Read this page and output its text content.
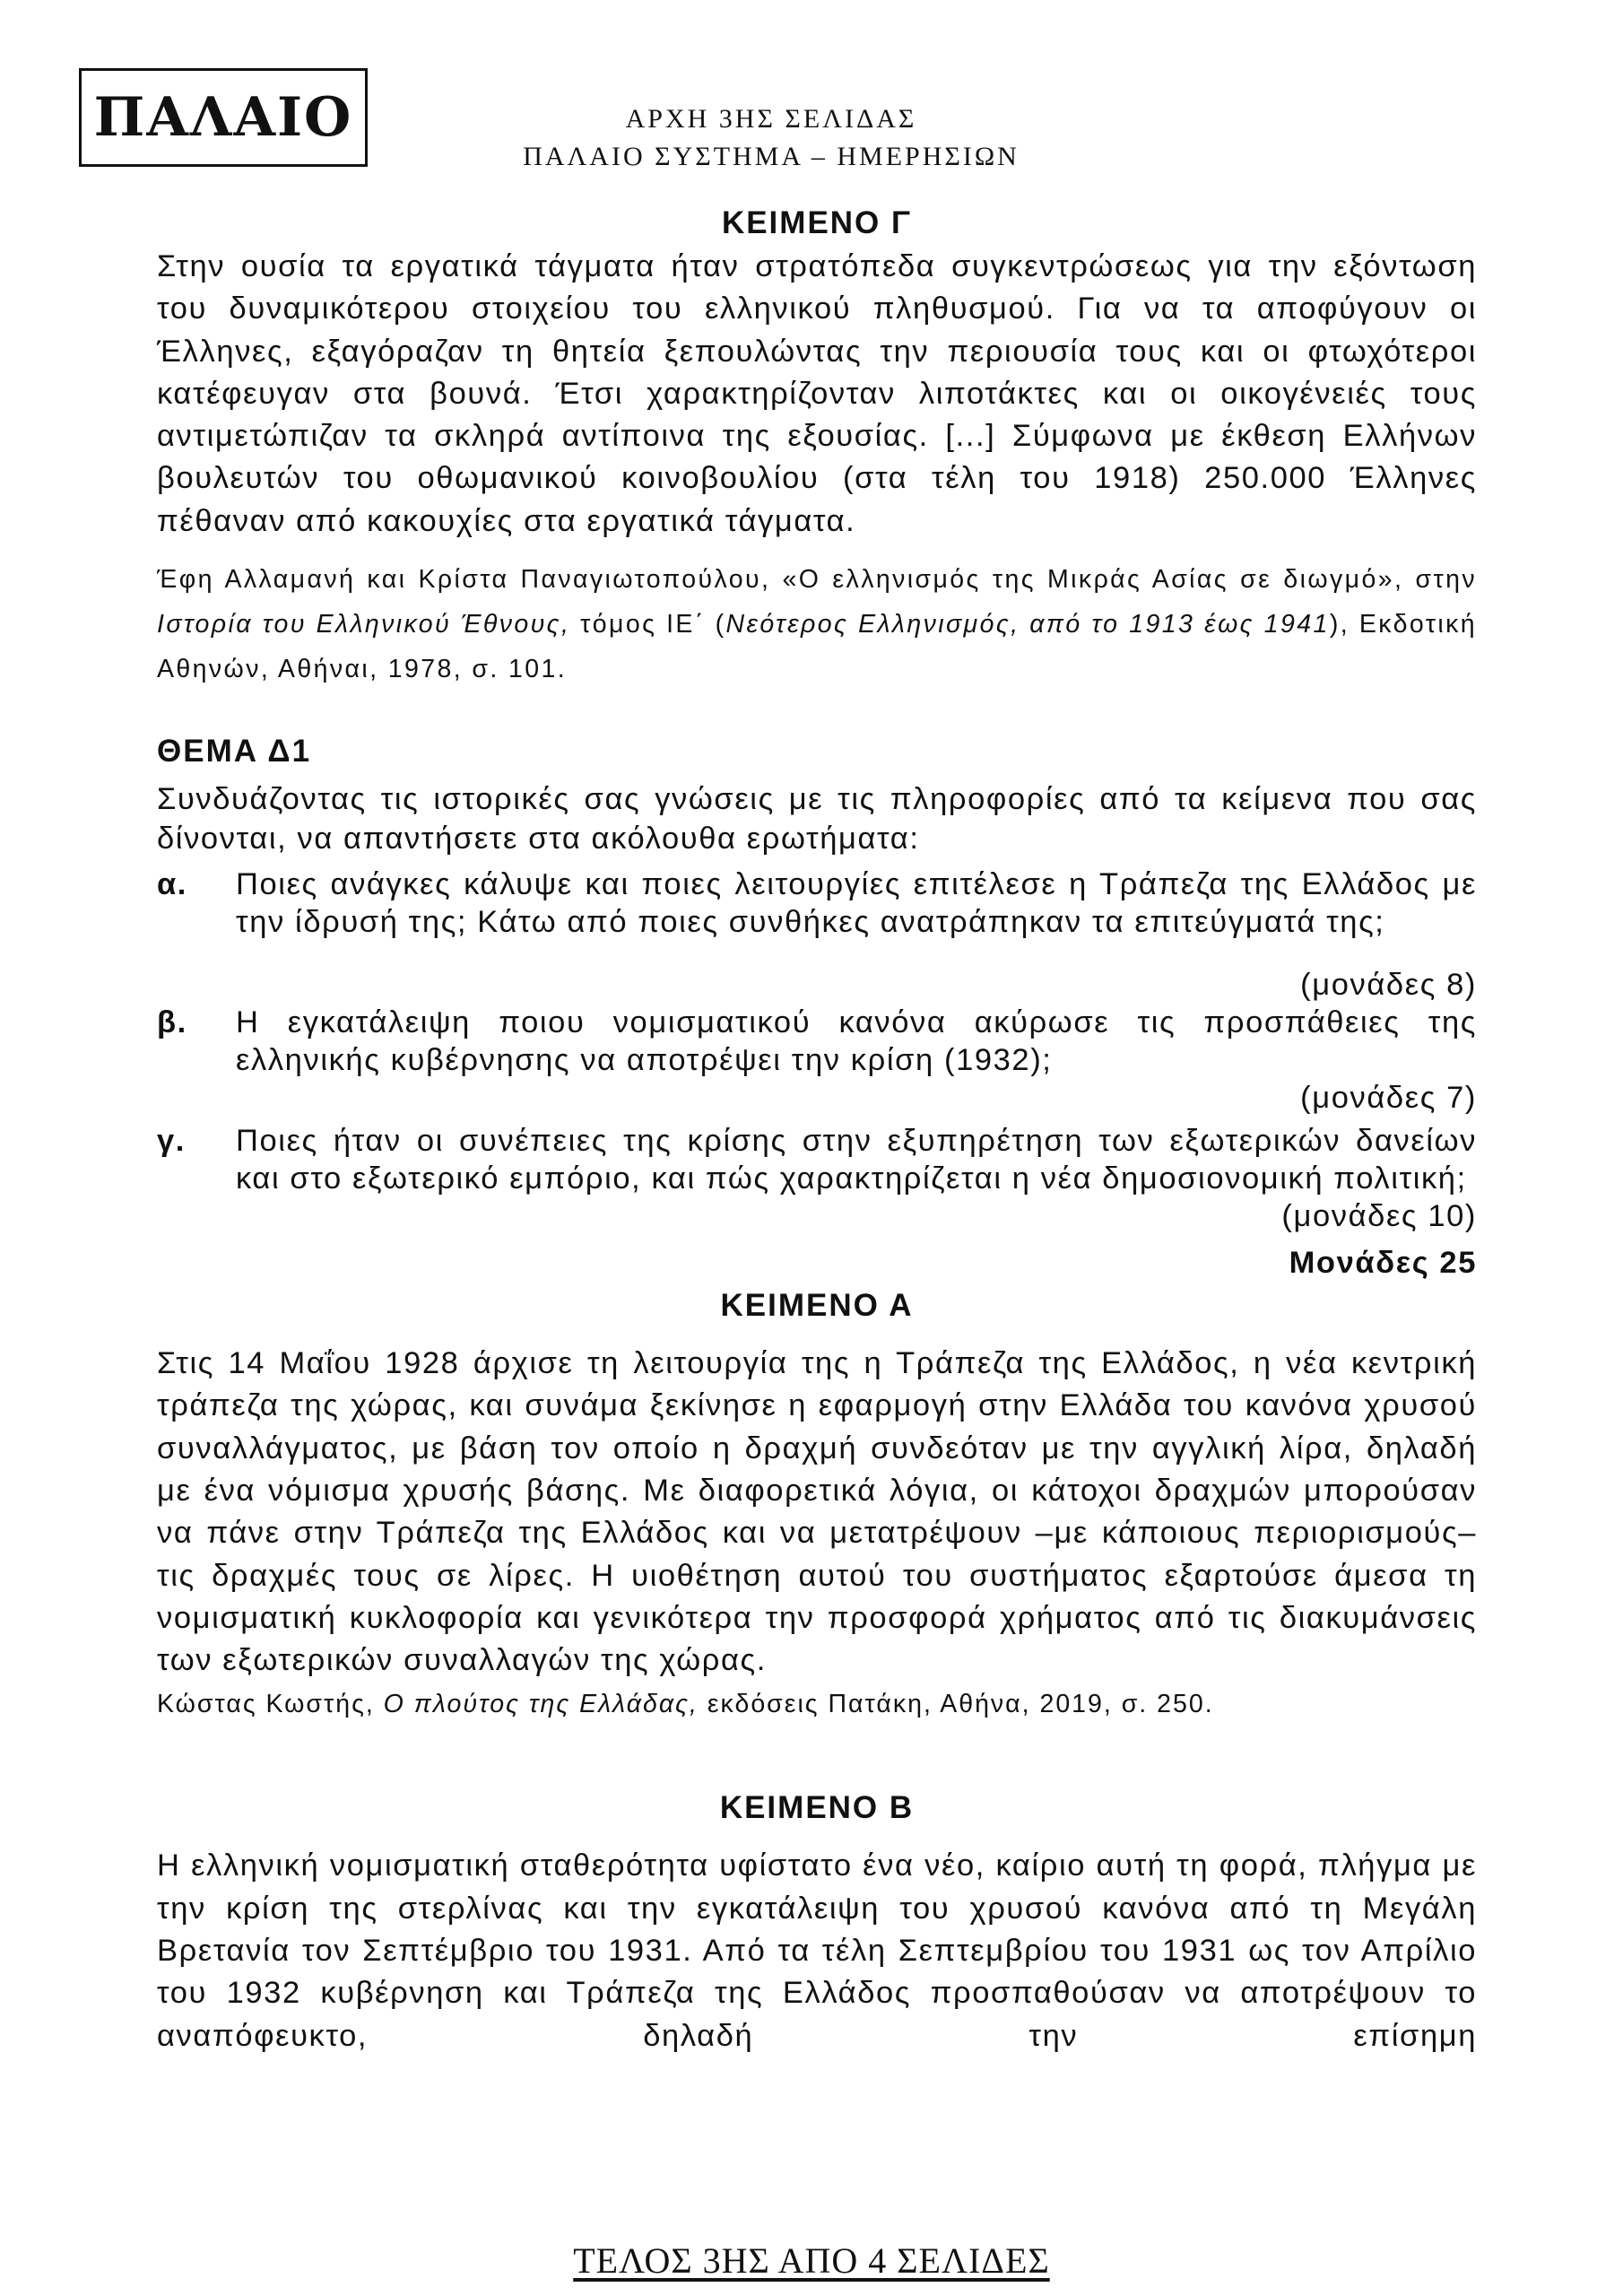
ΠΑΛΑΙΟ	ΑΡΧΗ 3ΗΣ ΣΕΛΙΔΑΣ
ΠΑΛΑΙΟ ΣΥΣΤΗΜΑ – ΗΜΕΡΗΣΙΩΝ
ΚΕΙΜΕΝΟ Γ

Στην ουσία τα εργατικά τάγματα ήταν στρατόπεδα συγκεντρώσεως για την εξόντωση του δυναμικότερου στοιχείου του ελληνικού πληθυσμού. Για να τα αποφύγουν οι Έλληνες, εξαγόραζαν τη θητεία ξεπουλώντας την περιουσία τους και οι φτωχότεροι κατέφευγαν στα βουνά. Έτσι χαρακτηρίζονταν λιποτάκτες και οι οικογένειές τους αντιμετώπιζαν τα σκληρά αντίποινα της εξουσίας. [...] Σύμφωνα με έκθεση Ελλήνων βουλευτών του οθωμανικού κοινοβουλίου (στα τέλη του 1918) 250.000 Έλληνες πέθαναν από κακουχίες στα εργατικά τάγματα.

Έφη Αλλαμανή και Κρίστα Παναγιωτοπούλου, «Ο ελληνισμός της Μικράς Ασίας σε διωγμό», στην Ιστορία του Ελληνικού Έθνους, τόμος ΙΕ΄ (Νεότερος Ελληνισμός, από το 1913 έως 1941), Εκδοτική Αθηνών, Αθήναι, 1978, σ. 101.

ΘΕΜΑ Δ1

Συνδυάζοντας τις ιστορικές σας γνώσεις με τις πληροφορίες από τα κείμενα που σας δίνονται, να απαντήσετε στα ακόλουθα ερωτήματα:

α.	Ποιες ανάγκες κάλυψε και ποιες λειτουργίες επιτέλεσε η Τράπεζα της Ελλάδος με την ίδρυσή της; Κάτω από ποιες συνθήκες ανατράπηκαν τα επιτεύγματά της;
(μονάδες 8)
β.	Η εγκατάλειψη ποιου νομισματικού κανόνα ακύρωσε τις προσπάθειες της ελληνικής κυβέρνησης να αποτρέψει την κρίση (1932);
(μονάδες 7)
γ.	Ποιες ήταν οι συνέπειες της κρίσης στην εξυπηρέτηση των εξωτερικών δανείων και στο εξωτερικό εμπόριο, και πώς χαρακτηρίζεται η νέα δημοσιονομική πολιτική;
(μονάδες 10)
Μονάδες 25
ΚΕΙΜΕΝΟ Α

Στις 14 Μαΐου 1928 άρχισε τη λειτουργία της η Τράπεζα της Ελλάδος, η νέα κεντρική τράπεζα της χώρας, και συνάμα ξεκίνησε η εφαρμογή στην Ελλάδα του κανόνα χρυσού συναλλάγματος, με βάση τον οποίο η δραχμή συνδεόταν με την αγγλική λίρα, δηλαδή με ένα νόμισμα χρυσής βάσης. Με διαφορετικά λόγια, οι κάτοχοι δραχμών μπορούσαν να πάνε στην Τράπεζα της Ελλάδος και να μετατρέψουν –με κάποιους περιορισμούς– τις δραχμές τους σε λίρες. Η υιοθέτηση αυτού του συστήματος εξαρτούσε άμεσα τη νομισματική κυκλοφορία και γενικότερα την προσφορά χρήματος από τις διακυμάνσεις των εξωτερικών συναλλαγών της χώρας.

Κώστας Κωστής, Ο πλούτος της Ελλάδας, εκδόσεις Πατάκη, Αθήνα, 2019, σ. 250.

ΚΕΙΜΕΝΟ Β

Η ελληνική νομισματική σταθερότητα υφίστατο ένα νέο, καίριο αυτή τη φορά, πλήγμα με την κρίση της στερλίνας και την εγκατάλειψη του χρυσού κανόνα από τη Μεγάλη Βρετανία τον Σεπτέμβριο του 1931. Από τα τέλη Σεπτεμβρίου του 1931 ως τον Απρίλιο του 1932 κυβέρνηση και Τράπεζα της Ελλάδος προσπαθούσαν να αποτρέψουν το αναπόφευκτο, δηλαδή την επίσημη

ΤΕΛΟΣ 3ΗΣ ΑΠΟ 4 ΣΕΛΙΔΕΣ
